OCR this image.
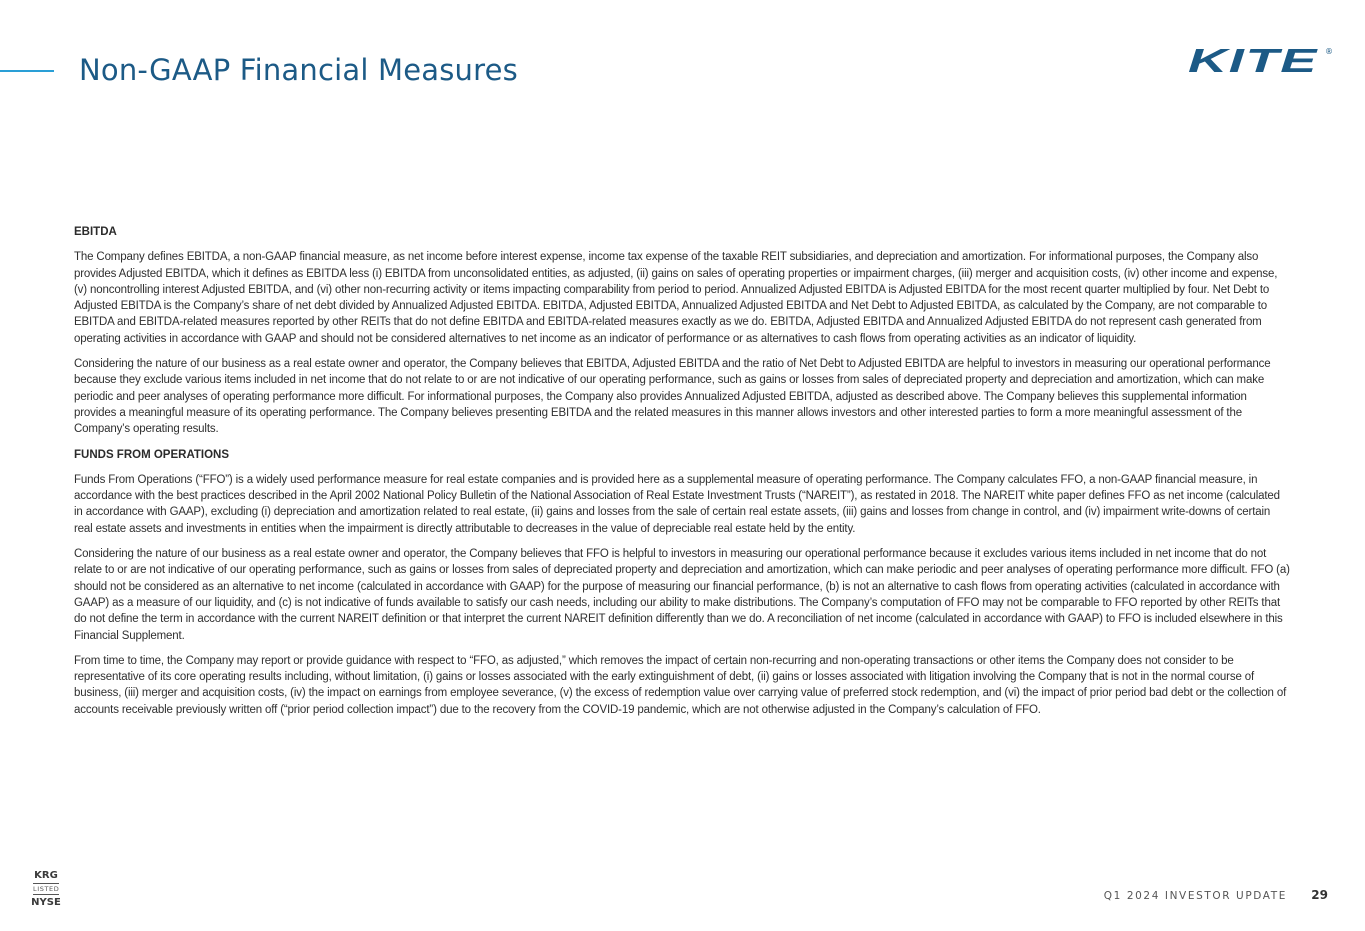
Non-GAAP Financial Measures	KITE ®
EBITDA

The Company defines EBITDA, a non-GAAP financial measure, as net income before interest expense, income tax expense of the taxable REIT subsidiaries, and depreciation and amortization. For informational purposes, the Company also provides Adjusted EBITDA, which it defines as EBITDA less (i) EBITDA from unconsolidated entities, as adjusted, (ii) gains on sales of operating properties or impairment charges, (iii) merger and acquisition costs, (iv) other income and expense, (v) noncontrolling interest Adjusted EBITDA, and (vi) other non-recurring activity or items impacting comparability from period to period. Annualized Adjusted EBITDA is Adjusted EBITDA for the most recent quarter multiplied by four. Net Debt to Adjusted EBITDA is the Company’s share of net debt divided by Annualized Adjusted EBITDA. EBITDA, Adjusted EBITDA, Annualized Adjusted EBITDA and Net Debt to Adjusted EBITDA, as calculated by the Company, are not comparable to EBITDA and EBITDA-related measures reported by other REITs that do not define EBITDA and EBITDA-related measures exactly as we do. EBITDA, Adjusted EBITDA and Annualized Adjusted EBITDA do not represent cash generated from operating activities in accordance with GAAP and should not be considered alternatives to net income as an indicator of performance or as alternatives to cash flows from operating activities as an indicator of liquidity.

Considering the nature of our business as a real estate owner and operator, the Company believes that EBITDA, Adjusted EBITDA and the ratio of Net Debt to Adjusted EBITDA are helpful to investors in measuring our operational performance because they exclude various items included in net income that do not relate to or are not indicative of our operating performance, such as gains or losses from sales of depreciated property and depreciation and amortization, which can make periodic and peer analyses of operating performance more difficult. For informational purposes, the Company also provides Annualized Adjusted EBITDA, adjusted as described above. The Company believes this supplemental information provides a meaningful measure of its operating performance. The Company believes presenting EBITDA and the related measures in this manner allows investors and other interested parties to form a more meaningful assessment of the Company’s operating results.

FUNDS FROM OPERATIONS

Funds From Operations (“FFO”) is a widely used performance measure for real estate companies and is provided here as a supplemental measure of operating performance. The Company calculates FFO, a non-GAAP financial measure, in accordance with the best practices described in the April 2002 National Policy Bulletin of the National Association of Real Estate Investment Trusts (“NAREIT”), as restated in 2018. The NAREIT white paper defines FFO as net income (calculated in accordance with GAAP), excluding (i) depreciation and amortization related to real estate, (ii) gains and losses from the sale of certain real estate assets, (iii) gains and losses from change in control, and (iv) impairment write-downs of certain real estate assets and investments in entities when the impairment is directly attributable to decreases in the value of depreciable real estate held by the entity.

Considering the nature of our business as a real estate owner and operator, the Company believes that FFO is helpful to investors in measuring our operational performance because it excludes various items included in net income that do not relate to or are not indicative of our operating performance, such as gains or losses from sales of depreciated property and depreciation and amortization, which can make periodic and peer analyses of operating performance more difficult. FFO (a) should not be considered as an alternative to net income (calculated in accordance with GAAP) for the purpose of measuring our financial performance, (b) is not an alternative to cash flows from operating activities (calculated in accordance with GAAP) as a measure of our liquidity, and (c) is not indicative of funds available to satisfy our cash needs, including our ability to make distributions. The Company’s computation of FFO may not be comparable to FFO reported by other REITs that do not define the term in accordance with the current NAREIT definition or that interpret the current NAREIT definition differently than we do. A reconciliation of net income (calculated in accordance with GAAP) to FFO is included elsewhere in this Financial Supplement.

From time to time, the Company may report or provide guidance with respect to “FFO, as adjusted,” which removes the impact of certain non-recurring and non-operating transactions or other items the Company does not consider to be representative of its core operating results including, without limitation, (i) gains or losses associated with the early extinguishment of debt, (ii) gains or losses associated with litigation involving the Company that is not in the normal course of business, (iii) merger and acquisition costs, (iv) the impact on earnings from employee severance, (v) the excess of redemption value over carrying value of preferred stock redemption, and (vi) the impact of prior period bad debt or the collection of accounts receivable previously written off (“prior period collection impact”) due to the recovery from the COVID-19 pandemic, which are not otherwise adjusted in the Company’s calculation of FFO.

KRG
LISTED
NYSE
Q1 2024 INVESTOR UPDATE 29
